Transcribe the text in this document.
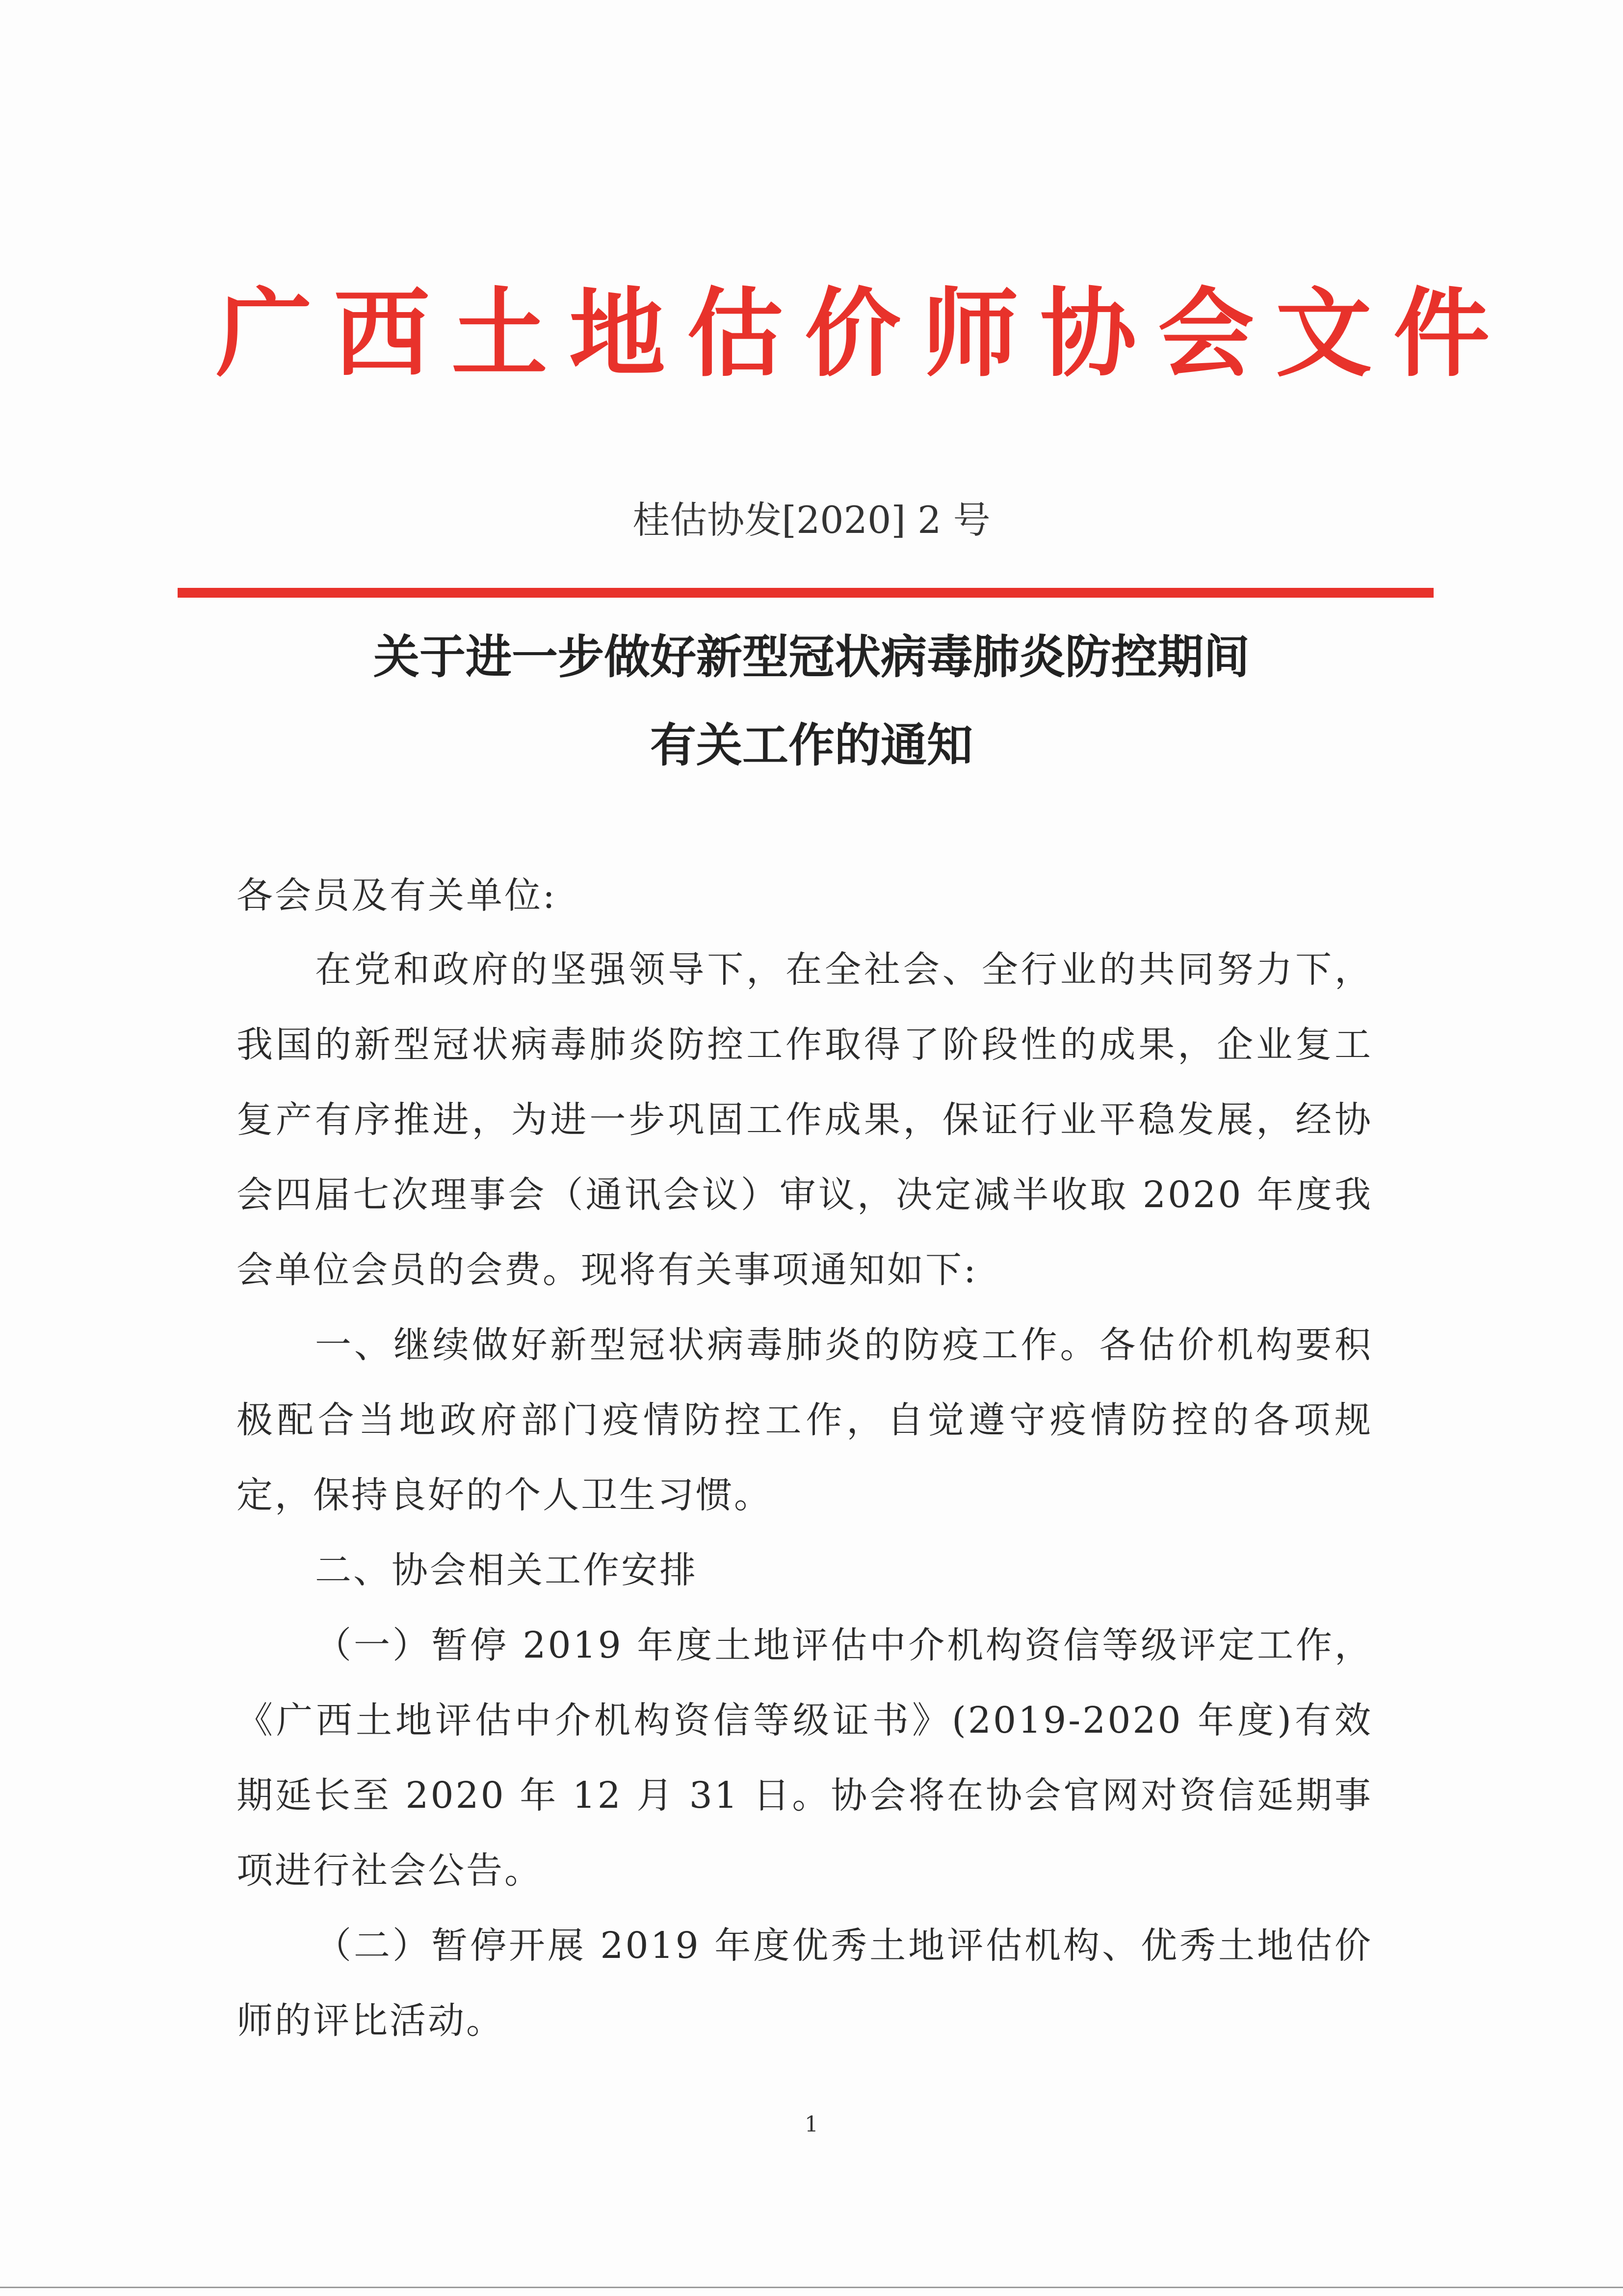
广西土地估价师协会文件
桂估协发[2020] 2 号
关于进一步做好新型冠状病毒肺炎防控期间
有关工作的通知
各会员及有关单位:

在党和政府的坚强领导下，在全社会、全行业的共同努力下，我国的新型冠状病毒肺炎防控工作取得了阶段性的成果，企业复工复产有序推进，为进一步巩固工作成果，保证行业平稳发展，经协会四届七次理事会（通讯会议）审议，决定减半收取 2020 年度我会单位会员的会费。现将有关事项通知如下:

一、继续做好新型冠状病毒肺炎的防疫工作。各估价机构要积极配合当地政府部门疫情防控工作，自觉遵守疫情防控的各项规定，保持良好的个人卫生习惯。

二、协会相关工作安排

（一）暂停 2019 年度土地评估中介机构资信等级评定工作，《广西土地评估中介机构资信等级证书》(2019-2020 年度)有效期延长至 2020 年 12 月 31 日。协会将在协会官网对资信延期事项进行社会公告。

（二）暂停开展 2019 年度优秀土地评估机构、优秀土地估价师的评比活动。

1
